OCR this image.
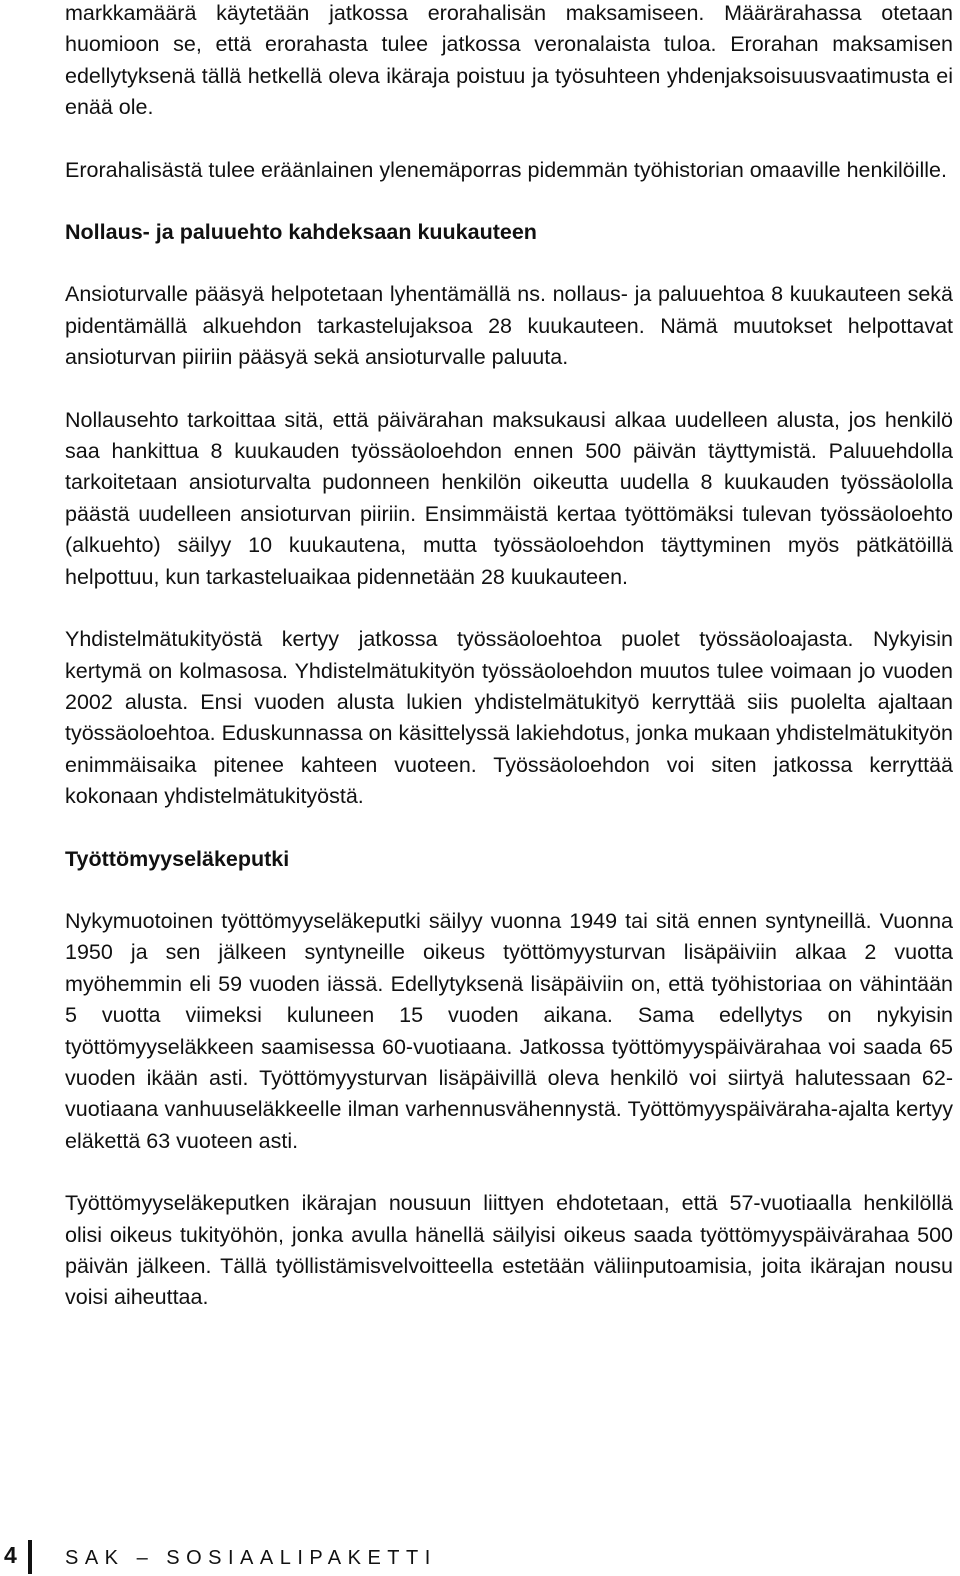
markkamäärä käytetään jatkossa erorahalisän maksamiseen. Määrärahassa otetaan huomioon se, että erorahasta tulee jatkossa veronalaista tuloa. Erorahan maksamisen edellytyksenä tällä hetkellä oleva ikäraja poistuu ja työsuhteen yhdenjaksoisuusvaatimusta ei enää ole.

Erorahalisästä tulee eräänlainen ylenemäporras pidemmän työhistorian omaaville henkilöille.

Nollaus- ja paluuehto kahdeksaan kuukauteen

Ansioturvalle pääsyä helpotetaan lyhentämällä ns. nollaus- ja paluuehtoa 8 kuukauteen sekä pidentämällä alkuehdon tarkastelujaksoa 28 kuukauteen. Nämä muutokset helpottavat ansioturvan piiriin pääsyä sekä ansioturvalle paluuta.

Nollausehto tarkoittaa sitä, että päivärahan maksukausi alkaa uudelleen alusta, jos henkilö saa hankittua 8 kuukauden työssäoloehdon ennen 500 päivän täyttymistä. Paluuehdolla tarkoitetaan ansioturvalta pudonneen henkilön oikeutta uudella 8 kuukauden työssäololla päästä uudelleen ansioturvan piiriin. Ensimmäistä kertaa työttömäksi tulevan työssäoloehto (alkuehto) säilyy 10 kuukautena, mutta työssäoloehdon täyttyminen myös pätkätöillä helpottuu, kun tarkasteluaikaa pidennetään 28 kuukauteen.

Yhdistelmätukityöstä kertyy jatkossa työssäoloehtoa puolet työssäoloajasta. Nykyisin kertymä on kolmasosa. Yhdistelmätukityön työssäoloehdon muutos tulee voimaan jo vuoden 2002 alusta. Ensi vuoden alusta lukien yhdistelmätukityö kerryttää siis puolelta ajaltaan työssäoloehtoa. Eduskunnassa on käsittelyssä lakiehdotus, jonka mukaan yhdistelmätukityön enimmäisaika pitenee kahteen vuoteen. Työssäoloehdon voi siten jatkossa kerryttää kokonaan yhdistelmätukityöstä.

Työttömyyseläkeputki

Nykymuotoinen työttömyyseläkeputki säilyy vuonna 1949 tai sitä ennen syntyneillä. Vuonna 1950 ja sen jälkeen syntyneille oikeus työttömyysturvan lisäpäiviin alkaa 2 vuotta myöhemmin eli 59 vuoden iässä. Edellytyksenä lisäpäiviin on, että työhistoriaa on vähintään 5 vuotta viimeksi kuluneen 15 vuoden aikana. Sama edellytys on nykyisin työttömyyseläkkeen saamisessa 60-vuotiaana. Jatkossa työttömyyspäivärahaa voi saada 65 vuoden ikään asti. Työttömyysturvan lisäpäivillä oleva henkilö voi siirtyä halutessaan 62-vuotiaana vanhuuseläkkeelle ilman varhennusvähennystä. Työttömyyspäiväraha-ajalta kertyy eläkettä 63 vuoteen asti.

Työttömyyseläkeputken ikärajan nousuun liittyen ehdotetaan, että 57-vuotiaalla henkilöllä olisi oikeus tukityöhön, jonka avulla hänellä säilyisi oikeus saada työttömyyspäivärahaa 500 päivän jälkeen. Tällä työllistämisvelvoitteella estetään väliinputoamisia, joita ikärajan nousu voisi aiheuttaa.

4 SAK – SOSIAALIPAKETTI
